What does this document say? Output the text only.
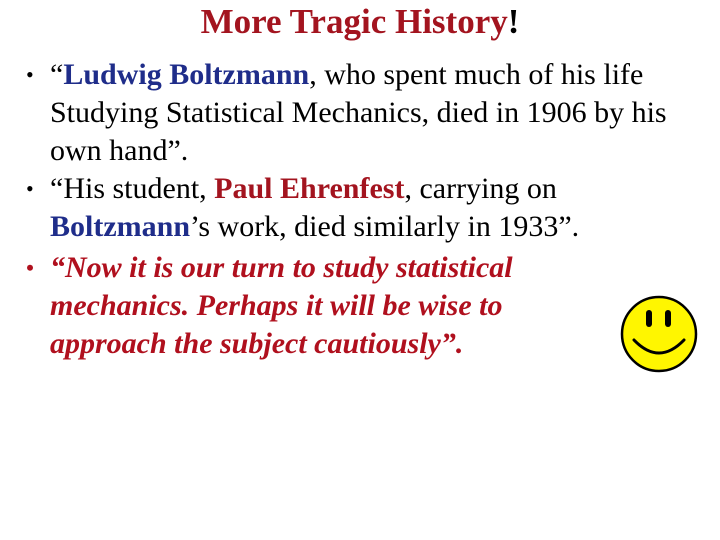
More Tragic History!

• “Ludwig Boltzmann, who spent much of his life Studying Statistical Mechanics, died in 1906 by his own hand”.

• “His student, Paul Ehrenfest, carrying on Boltzmann’s work, died similarly in 1933”.

• “Now it is our turn to study statistical mechanics. Perhaps it will be wise to approach the subject cautiously”.
